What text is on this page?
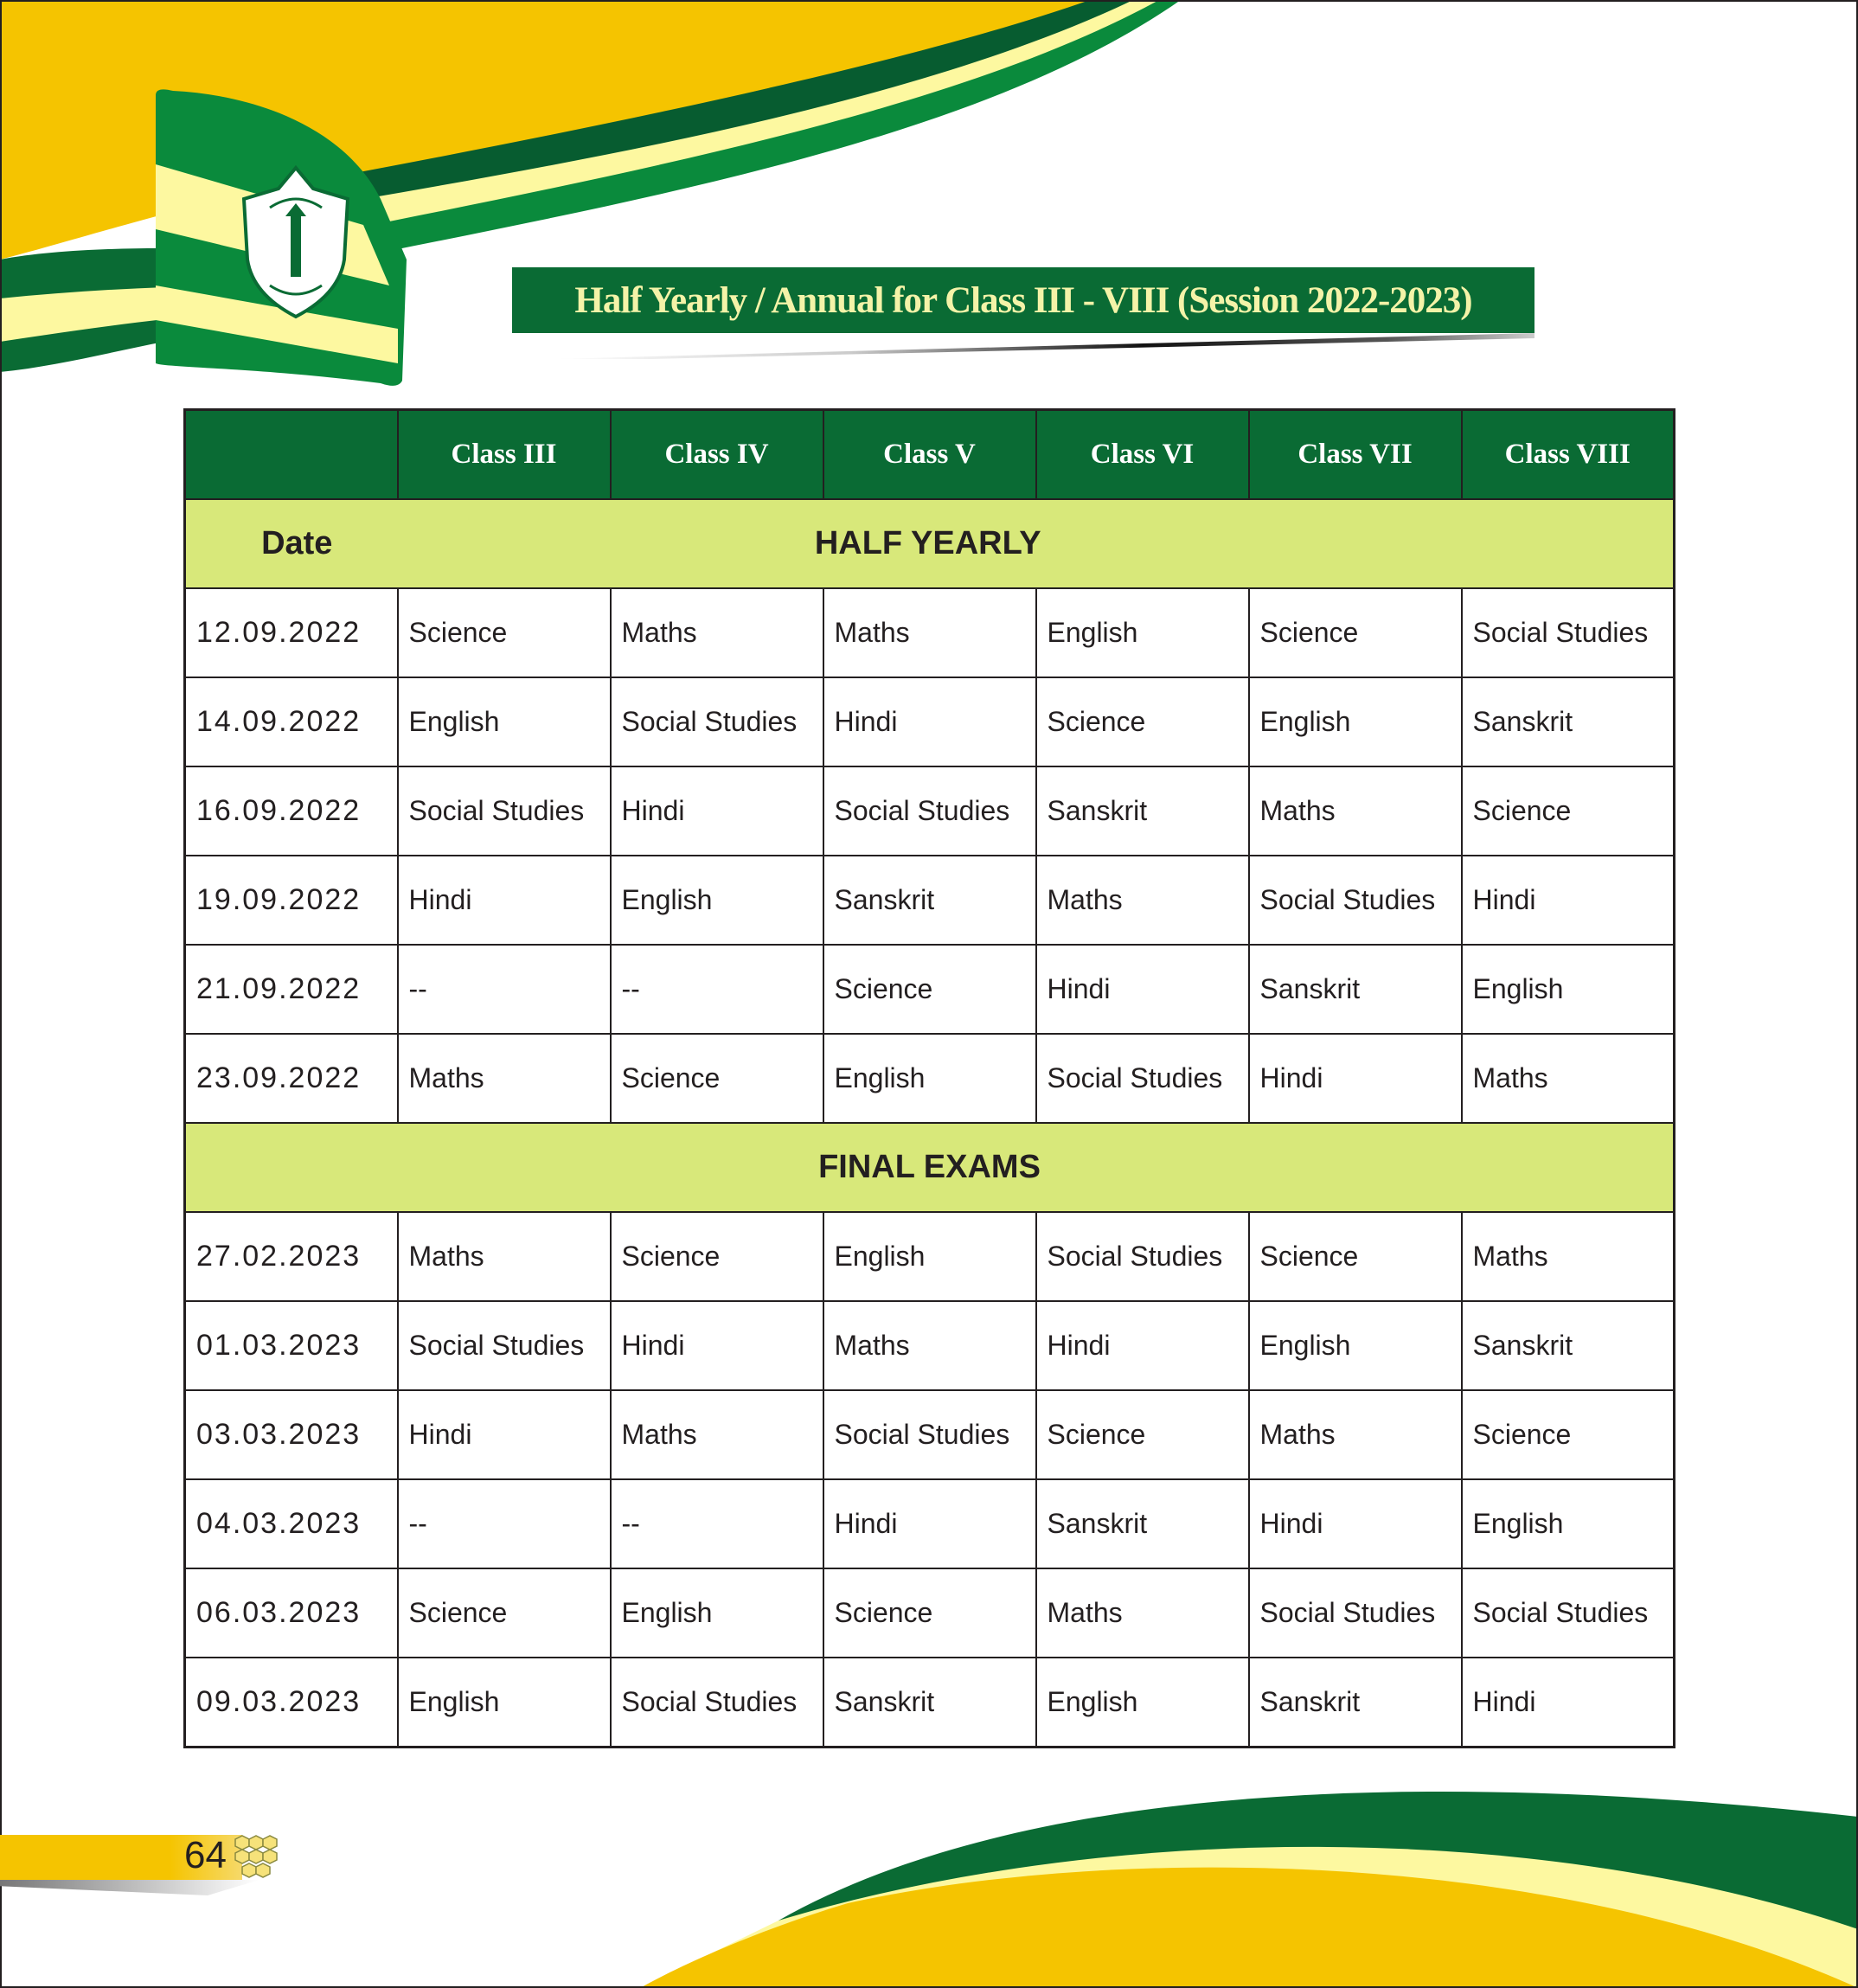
Half Yearly / Annual for Class III - VIII (Session 2022-2023)
	Class III	Class IV	Class V	Class VI	Class VII	Class VIII
Date	HALF YEARLY					
12.09.2022	Science	Maths	Maths	English	Science	Social Studies
14.09.2022	English	Social Studies	Hindi	Science	English	Sanskrit
16.09.2022	Social Studies	Hindi	Social Studies	Sanskrit	Maths	Science
19.09.2022	Hindi	English	Sanskrit	Maths	Social Studies	Hindi
21.09.2022	--	--	Science	Hindi	Sanskrit	English
23.09.2022	Maths	Science	English	Social Studies	Hindi	Maths
FINAL EXAMS						
27.02.2023	Maths	Science	English	Social Studies	Science	Maths
01.03.2023	Social Studies	Hindi	Maths	Hindi	English	Sanskrit
03.03.2023	Hindi	Maths	Social Studies	Science	Maths	Science
04.03.2023	--	--	Hindi	Sanskrit	Hindi	English
06.03.2023	Science	English	Science	Maths	Social Studies	Social Studies
09.03.2023	English	Social Studies	Sanskrit	English	Sanskrit	Hindi
64
